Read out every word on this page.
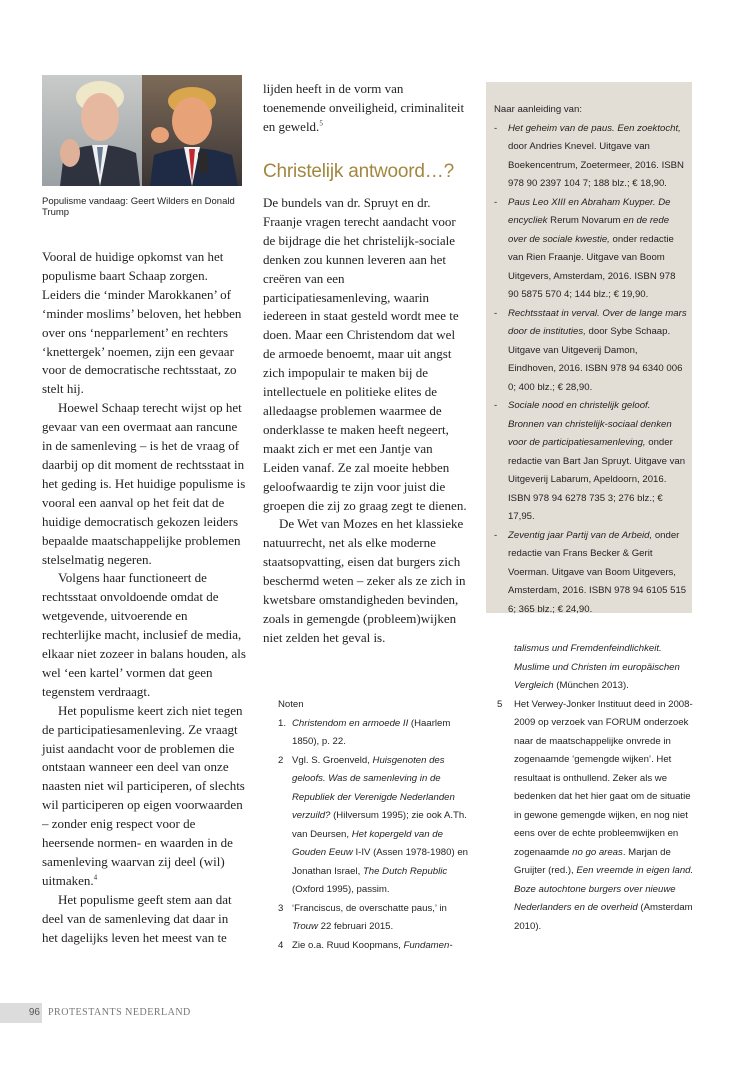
Populisme vandaag: Geert Wilders en Donald Trump

Vooral de huidige opkomst van het populisme baart Schaap zorgen. Leiders die ‘minder Marokkanen’ of ‘minder moslims’ beloven, het hebben over ons ‘nepparlement’ en rechters ‘knettergek’ noemen, zijn een gevaar voor de democratische rechtsstaat, zo stelt hij.

Hoewel Schaap terecht wijst op het gevaar van een overmaat aan rancune in de samenleving – is het de vraag of daarbij op dit moment de rechtsstaat in het geding is. Het huidige populisme is vooral een aanval op het feit dat de huidige democratisch gekozen leiders bepaalde maatschappelijke problemen stelselmatig negeren.

Volgens haar functioneert de rechtsstaat onvoldoende omdat de wetgevende, uitvoerende en rechterlijke macht, inclusief de media, elkaar niet zozeer in balans houden, als wel ‘een kartel’ vormen dat geen tegenstem verdraagt.

Het populisme keert zich niet tegen de participatiesamenleving. Ze vraagt juist aandacht voor de problemen die ontstaan wanneer een deel van onze naasten niet wil participeren, of slechts wil participeren op eigen voorwaarden – zonder enig respect voor de heersende normen- en waarden in de samenleving waarvan zij deel (wil) uitmaken.$^4$

Het populisme geeft stem aan dat deel van de samenleving dat daar in het dagelijks leven het meest van te

lijden heeft in de vorm van toenemende onveiligheid, criminaliteit en geweld.$^5$

Christelijk antwoord…?

De bundels van dr. Spruyt en dr. Fraanje vragen terecht aandacht voor de bijdrage die het christelijk-sociale denken zou kunnen leveren aan het creëren van een participatiesamenleving, waarin iedereen in staat gesteld wordt mee te doen. Maar een Christendom dat wel de armoede benoemt, maar uit angst zich impopulair te maken bij de intellectuele en politieke elites de alledaagse problemen waarmee de onderklasse te maken heeft negeert, maakt zich er met een Jantje van Leiden vanaf. Ze zal moeite hebben geloofwaardig te zijn voor juist die groepen die zij zo graag zegt te dienen.

De Wet van Mozes en het klassieke natuurrecht, net als elke moderne staatsopvatting, eisen dat burgers zich beschermd weten – zeker als ze zich in kwetsbare omstandigheden bevinden, zoals in gemengde (probleem)wijken niet zelden het geval is.

Naar aanleiding van:

- Het geheim van de paus. Een zoektocht, door Andries Knevel. Uitgave van Boekencentrum, Zoetermeer, 2016. ISBN 978 90 2397 104 7; 188 blz.; € 18,90.
- Paus Leo XIII en Abraham Kuyper. De encycliek Rerum Novarum en de rede over de sociale kwestie, onder redactie van Rien Fraanje. Uitgave van Boom Uitgevers, Amsterdam, 2016. ISBN 978 90 5875 570 4; 144 blz.; € 19,90.
- Rechtsstaat in verval. Over de lange mars door de instituties, door Sybe Schaap. Uitgave van Uitgeverij Damon, Eindhoven, 2016. ISBN 978 94 6340 006 0; 400 blz.; € 28,90.
- Sociale nood en christelijk geloof. Bronnen van christelijk-sociaal denken voor de participatiesamenleving, onder redactie van Bart Jan Spruyt. Uitgave van Uitgeverij Labarum, Apeldoorn, 2016. ISBN 978 94 6278 735 3; 276 blz.; € 17,95.
- Zeventig jaar Partij van de Arbeid, onder redactie van Frans Becker & Gerit Voerman. Uitgave van Boom Uitgevers, Amsterdam, 2016. ISBN 978 94 6105 515 6; 365 blz.; € 24,90.

Noten

1. Christendom en armoede II (Haarlem 1850), p. 22.
2 Vgl. S. Groenveld, Huisgenoten des geloofs. Was de samenleving in de Republiek der Verenigde Nederlanden verzuild? (Hilversum 1995); zie ook A.Th. van Deursen, Het kopergeld van de Gouden Eeuw I-IV (Assen 1978-1980) en Jonathan Israel, The Dutch Republic (Oxford 1995), passim.
3 ‘Franciscus, de overschatte paus,’ in Trouw 22 februari 2015.
4 Zie o.a. Ruud Koopmans, Fundamen-
talismus und Fremdenfeindlichkeit. Muslime und Christen im europäischen Vergleich (München 2013).
5 Het Verwey-Jonker Instituut deed in 2008-2009 op verzoek van FORUM onderzoek naar de maatschappelijke onvrede in zogenaamde ‘gemengde wijken’. Het resultaat is onthullend. Zeker als we bedenken dat het hier gaat om de situatie in gewone gemengde wijken, en nog niet eens over de echte probleemwijken en zogenaamde no go areas. Marjan de Gruijter (red.), Een vreemde in eigen land. Boze autochtone burgers over nieuwe Nederlanders en de overheid (Amsterdam 2010).
96 PROTESTANTS NEDERLAND
